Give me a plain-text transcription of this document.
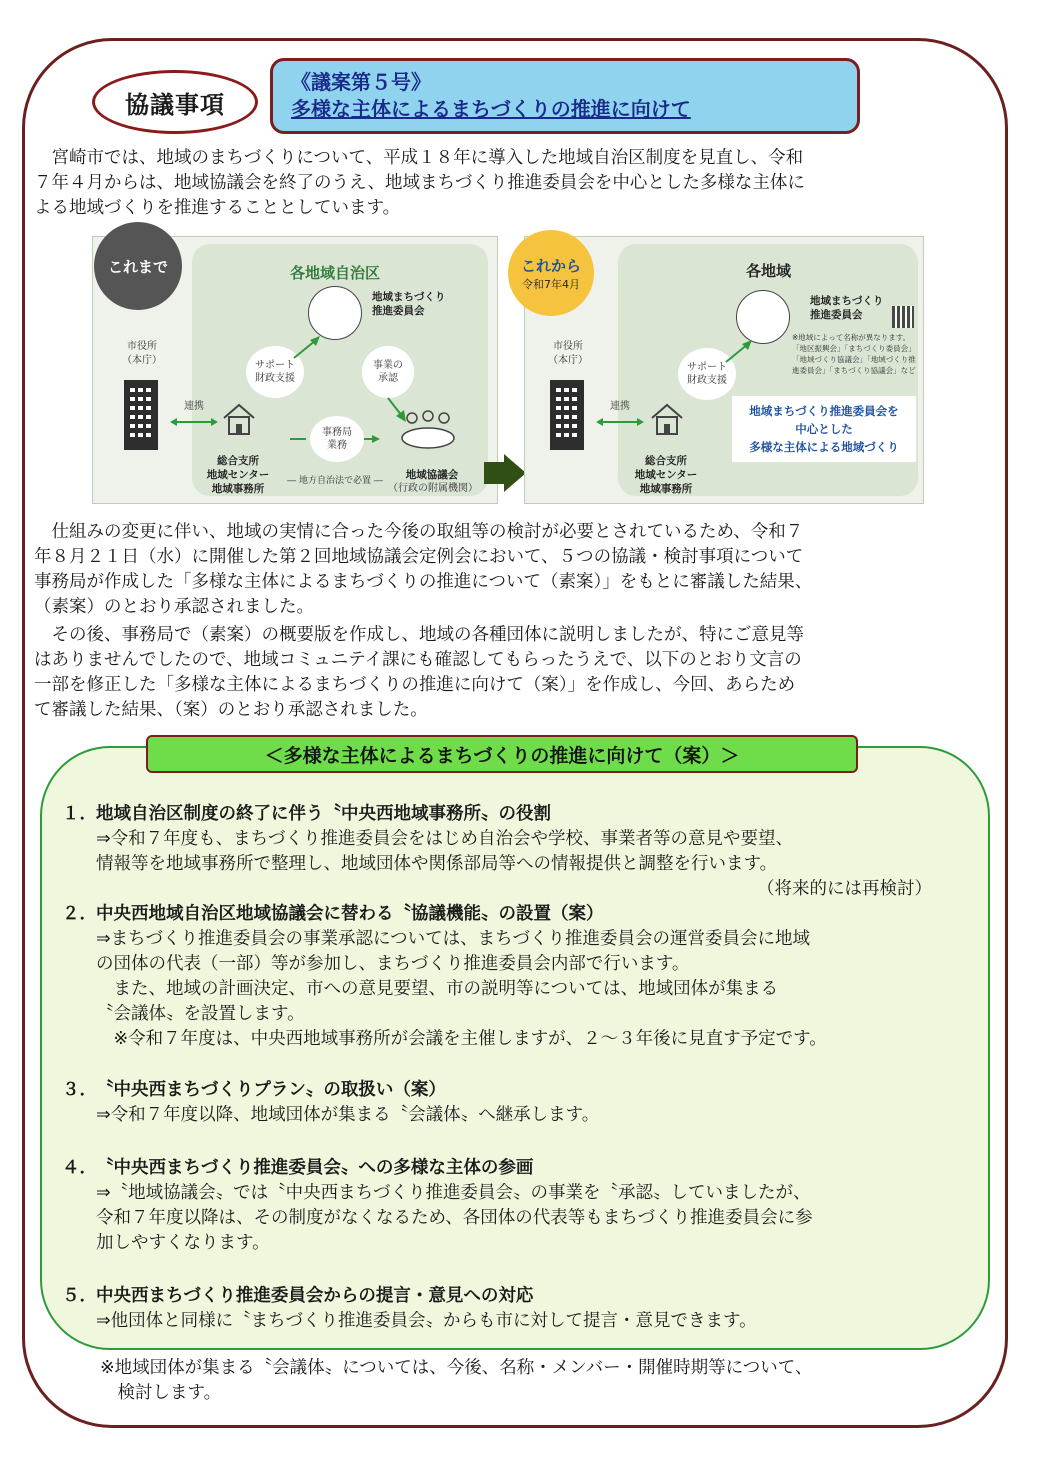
協議事項
《議案第５号》
多様な主体によるまちづくりの推進に向けて

　宮崎市では、地域のまちづくりについて、平成１８年に導入した地域自治区制度を見直し、令和
７年４月からは、地域協議会を終了のうえ、地域まちづくり推進委員会を中心とした多様な主体に
よる地域づくりを推進することとしています。

これまで	各地域自治区
市役所
（本庁）
連携
地域まちづくり
推進委員会
サポート
財政支援
事業の
承認
総合支所
地域センター
地域事務所
事務局
業務
地域協議会
（行政の附属機関）
― 地方自治法で必置 ―
これから
令和7年4月
各地域
市役所
（本庁）
連携
地域まちづくり
推進委員会
※地域によって名称が異なります。
「地区振興会」「まちづくり委員会」
「地域づくり協議会」「地域づくり推
進委員会」「まちづくり協議会」など
サポート
財政支援
総合支所
地域センター
地域事務所
地域まちづくり推進委員会を
中心とした
多様な主体による地域づくり

　仕組みの変更に伴い、地域の実情に合った今後の取組等の検討が必要とされているため、令和７
年８月２１日（水）に開催した第２回地域協議会定例会において、５つの協議・検討事項について
事務局が作成した「多様な主体によるまちづくりの推進について（素案）」をもとに審議した結果、
（素案）のとおり承認されました。

　その後、事務局で（素案）の概要版を作成し、地域の各種団体に説明しましたが、特にご意見等
はありませんでしたので、地域コミュニテイ課にも確認してもらったうえで、以下のとおり文言の
一部を修正した「多様な主体によるまちづくりの推進に向けて（案）」を作成し、今回、あらため
て審議した結果、（案）のとおり承認されました。

＜多様な主体によるまちづくりの推進に向けて（案）＞
１．地域自治区制度の終了に伴う〝中央西地域事務所〟の役割
⇒令和７年度も、まちづくり推進委員会をはじめ自治会や学校、事業者等の意見や要望、
情報等を地域事務所で整理し、地域団体や関係部局等への情報提供と調整を行います。
（将来的には再検討）
２．中央西地域自治区地域協議会に替わる〝協議機能〟の設置（案）
⇒まちづくり推進委員会の事業承認については、まちづくり推進委員会の運営委員会に地域
の団体の代表（一部）等が参加し、まちづくり推進委員会内部で行います。
　また、地域の計画決定、市への意見要望、市の説明等については、地域団体が集まる
〝会議体〟を設置します。
　※令和７年度は、中央西地域事務所が会議を主催しますが、２～３年後に見直す予定です。
３．〝中央西まちづくりプラン〟の取扱い（案）
⇒令和７年度以降、地域団体が集まる〝会議体〟へ継承します。
４．〝中央西まちづくり推進委員会〟への多様な主体の参画
⇒〝地域協議会〟では〝中央西まちづくり推進委員会〟の事業を〝承認〟していましたが、
令和７年度以降は、その制度がなくなるため、各団体の代表等もまちづくり推進委員会に参
加しやすくなります。
５．中央西まちづくり推進委員会からの提言・意見への対応
⇒他団体と同様に〝まちづくり推進委員会〟からも市に対して提言・意見できます。
※地域団体が集まる〝会議体〟については、今後、名称・メンバー・開催時期等について、
　検討します。
